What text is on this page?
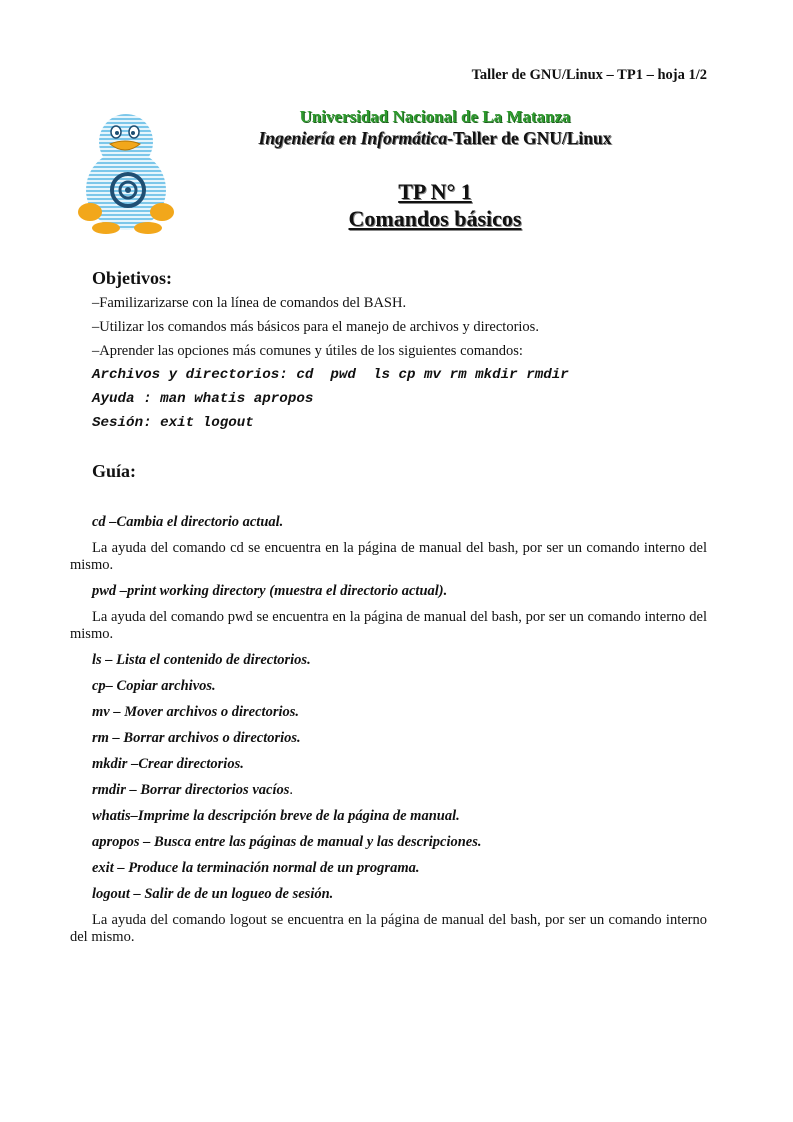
Taller de GNU/Linux – TP1 – hoja 1/2
Universidad Nacional de La Matanza
Ingeniería en Informática-Taller de GNU/Linux
TP N° 1
Comandos básicos
Objetivos:
–Familizarizarse con la línea de comandos del BASH.
–Utilizar los comandos más básicos para el manejo de archivos y directorios.
–Aprender las opciones más comunes y útiles de los siguientes comandos:
Archivos y directorios: cd  pwd  ls cp mv rm mkdir rmdir
Ayuda : man whatis apropos
Sesión: exit logout
Guía:
cd –Cambia el directorio actual.
La ayuda del comando cd se encuentra en la página de manual del bash, por ser un comando interno del mismo.
pwd –print working directory (muestra el directorio actual).
La ayuda del comando pwd se encuentra en la página de manual del bash, por ser un comando interno del mismo.
ls – Lista el contenido de directorios.
cp– Copiar archivos.
mv – Mover archivos o directorios.
rm – Borrar archivos o directorios.
mkdir –Crear directorios.
rmdir – Borrar directorios vacíos.
whatis–Imprime la descripción breve de la página de manual.
apropos – Busca entre las páginas de manual y las descripciones.
exit – Produce la terminación normal de un programa.
logout – Salir de de un logueo de sesión.
La ayuda del comando logout se encuentra en la página de manual del bash, por ser un comando interno del mismo.
